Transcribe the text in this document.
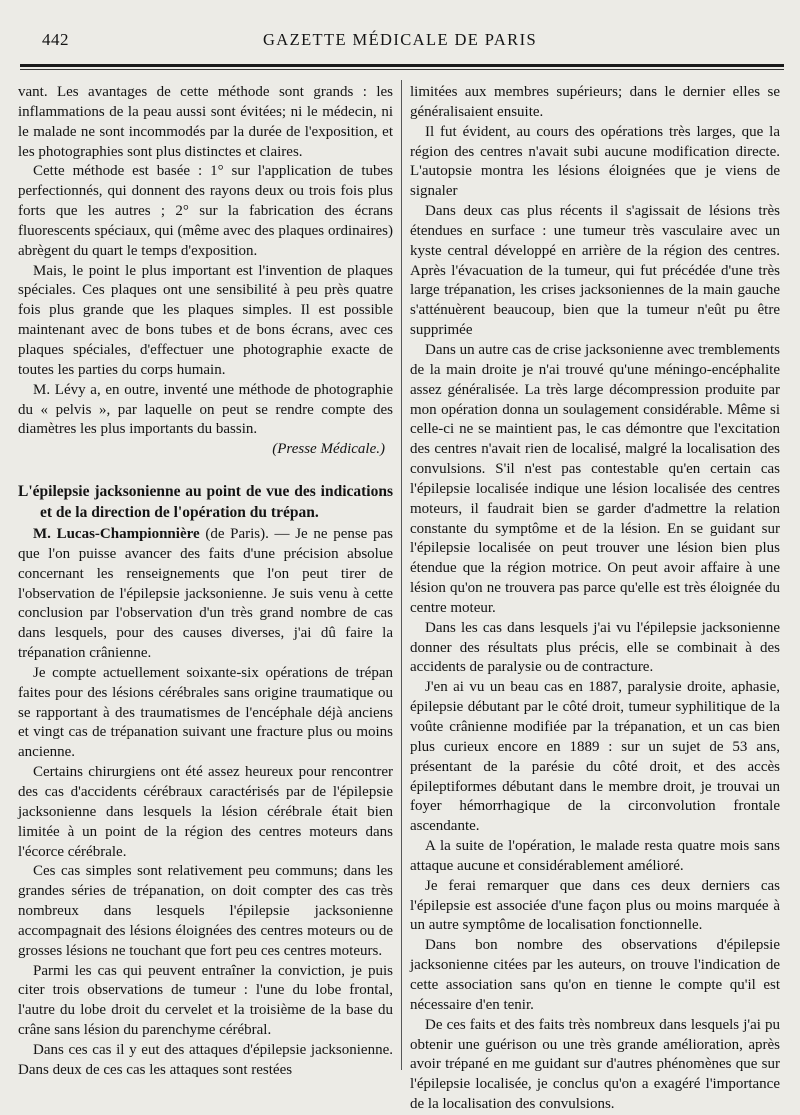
442	GAZETTE MÉDICALE DE PARIS

vant. Les avantages de cette méthode sont grands : les inflammations de la peau aussi sont évitées; ni le médecin, ni le malade ne sont incommodés par la durée de l'exposition, et les photographies sont plus distinctes et claires.

Cette méthode est basée : 1° sur l'application de tubes perfectionnés, qui donnent des rayons deux ou trois fois plus forts que les autres ; 2° sur la fabrication des écrans fluorescents spéciaux, qui (même avec des plaques ordinaires) abrègent du quart le temps d'exposition.

Mais, le point le plus important est l'invention de plaques spéciales. Ces plaques ont une sensibilité à peu près quatre fois plus grande que les plaques simples. Il est possible maintenant avec de bons tubes et de bons écrans, avec ces plaques spéciales, d'effectuer une photographie exacte de toutes les parties du corps humain.

M. Lévy a, en outre, inventé une méthode de photographie du « pelvis », par laquelle on peut se rendre compte des diamètres les plus importants du bassin.

(Presse Médicale.)

L'épilepsie jacksonienne au point de vue des indications et de la direction de l'opération du trépan.

M. Lucas-Championnière (de Paris). — Je ne pense pas que l'on puisse avancer des faits d'une précision absolue concernant les renseignements que l'on peut tirer de l'observation de l'épilepsie jacksonienne. Je suis venu à cette conclusion par l'observation d'un très grand nombre de cas dans lesquels, pour des causes diverses, j'ai dû faire la trépanation crânienne.

Je compte actuellement soixante-six opérations de trépan faites pour des lésions cérébrales sans origine traumatique ou se rapportant à des traumatismes de l'encéphale déjà anciens et vingt cas de trépanation suivant une fracture plus ou moins ancienne.

Certains chirurgiens ont été assez heureux pour rencontrer des cas d'accidents cérébraux caractérisés par de l'épilepsie jacksonienne dans lesquels la lésion cérébrale était bien limitée à un point de la région des centres moteurs dans l'écorce cérébrale.

Ces cas simples sont relativement peu communs; dans les grandes séries de trépanation, on doit compter des cas très nombreux dans lesquels l'épilepsie jacksonienne accompagnait des lésions éloignées des centres moteurs ou de grosses lésions ne touchant que fort peu ces centres moteurs.

Parmi les cas qui peuvent entraîner la conviction, je puis citer trois observations de tumeur : l'une du lobe frontal, l'autre du lobe droit du cervelet et la troisième de la base du crâne sans lésion du parenchyme cérébral.

Dans ces cas il y eut des attaques d'épilepsie jacksonienne. Dans deux de ces cas les attaques sont restées

limitées aux membres supérieurs; dans le dernier elles se généralisaient ensuite.

Il fut évident, au cours des opérations très larges, que la région des centres n'avait subi aucune modification directe. L'autopsie montra les lésions éloignées que je viens de signaler

Dans deux cas plus récents il s'agissait de lésions très étendues en surface : une tumeur très vasculaire avec un kyste central développé en arrière de la région des centres. Après l'évacuation de la tumeur, qui fut précédée d'une très large trépanation, les crises jacksoniennes de la main gauche s'atténuèrent beaucoup, bien que la tumeur n'eût pu être supprimée

Dans un autre cas de crise jacksonienne avec tremblements de la main droite je n'ai trouvé qu'une méningo-encéphalite assez généralisée. La très large décompression produite par mon opération donna un soulagement considérable. Même si celle-ci ne se maintient pas, le cas démontre que l'excitation des centres n'avait rien de localisé, malgré la localisation des convulsions. S'il n'est pas contestable qu'en certain cas l'épilepsie localisée indique une lésion localisée des centres moteurs, il faudrait bien se garder d'admettre la relation constante du symptôme et de la lésion. En se guidant sur l'épilepsie localisée on peut trouver une lésion bien plus étendue que la région motrice. On peut avoir affaire à une lésion qu'on ne trouvera pas parce qu'elle est très éloignée du centre moteur.

Dans les cas dans lesquels j'ai vu l'épilepsie jacksonienne donner des résultats plus précis, elle se combinait à des accidents de paralysie ou de contracture.

J'en ai vu un beau cas en 1887, paralysie droite, aphasie, épilepsie débutant par le côté droit, tumeur syphilitique de la voûte crânienne modifiée par la trépanation, et un cas bien plus curieux encore en 1889 : sur un sujet de 53 ans, présentant de la parésie du côté droit, et des accès épileptiformes débutant dans le membre droit, je trouvai un foyer hémorrhagique de la circonvolution frontale ascendante.

A la suite de l'opération, le malade resta quatre mois sans attaque aucune et considérablement amélioré.

Je ferai remarquer que dans ces deux derniers cas l'épilepsie est associée d'une façon plus ou moins marquée à un autre symptôme de localisation fonctionnelle.

Dans bon nombre des observations d'épilepsie jacksonienne citées par les auteurs, on trouve l'indication de cette association sans qu'on en tienne le compte qu'il est nécessaire d'en tenir.

De ces faits et des faits très nombreux dans lesquels j'ai pu obtenir une guérison ou une très grande amélioration, après avoir trépané en me guidant sur d'autres phénomènes que sur l'épilepsie localisée, je conclus qu'on a exagéré l'importance de la localisation des convulsions.
